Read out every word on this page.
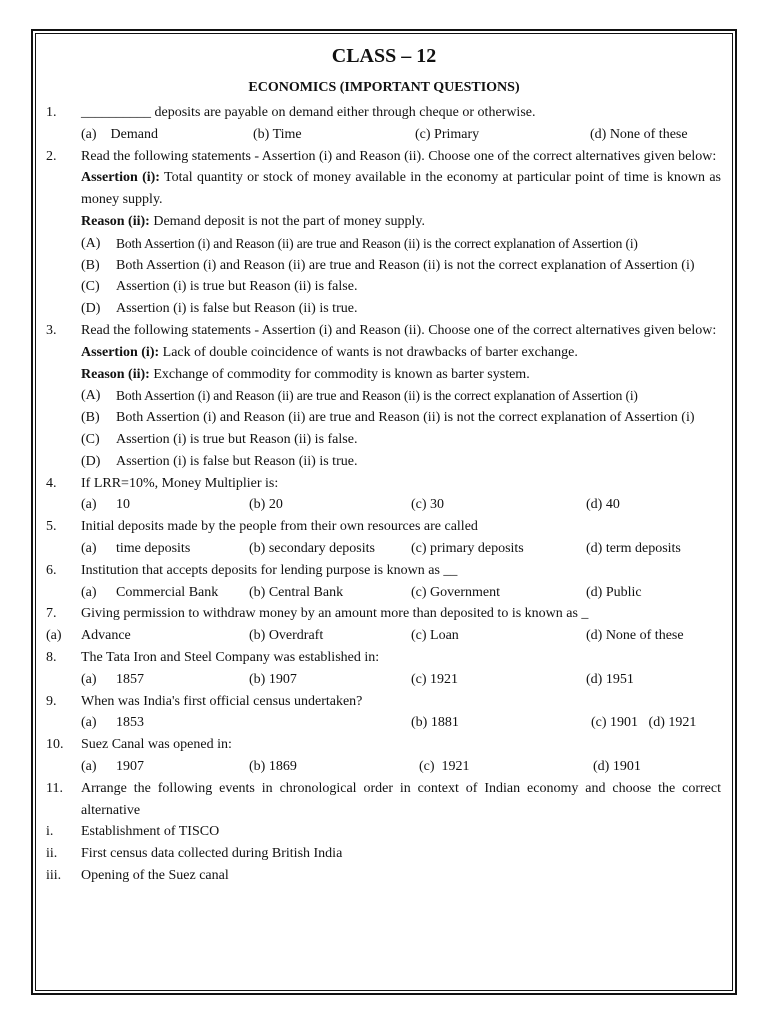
CLASS – 12
ECONOMICS (IMPORTANT QUESTIONS)
1.	__________ deposits are payable on demand either through cheque or otherwise.
(a)    Demand	(b) Time	(c) Primary	(d) None of these
2.	Read the following statements - Assertion (i) and Reason (ii). Choose one of the correct alternatives given below:
Assertion (i): Total quantity or stock of money available in the economy at particular point of time is known as money supply.
Reason (ii): Demand deposit is not the part of money supply.
(A)	Both Assertion (i) and Reason (ii) are true and Reason (ii) is the correct explanation of Assertion (i)
(B)	Both Assertion (i) and Reason (ii) are true and Reason (ii) is not the correct explanation of Assertion (i)
(C)	Assertion (i) is true but Reason (ii) is false.
(D)	Assertion (i) is false but Reason (ii) is true.
3.	Read the following statements - Assertion (i) and Reason (ii). Choose one of the correct alternatives given below:
Assertion (i): Lack of double coincidence of wants is not drawbacks of barter exchange.
Reason (ii): Exchange of commodity for commodity is known as barter system.
(A)	Both Assertion (i) and Reason (ii) are true and Reason (ii) is the correct explanation of Assertion (i)
(B)	Both Assertion (i) and Reason (ii) are true and Reason (ii) is not the correct explanation of Assertion (i)
(C)	Assertion (i) is true but Reason (ii) is false.
(D)	Assertion (i) is false but Reason (ii) is true.
4.	If LRR=10%, Money Multiplier is:
(a)	10	(b) 20	(c) 30	(d) 40
5.	Initial deposits made by the people from their own resources are called
(a)	time deposits	(b) secondary deposits	(c) primary deposits	(d) term deposits
6.	Institution that accepts deposits for lending purpose is known as __
(a)	Commercial Bank (b) Central Bank	(c) Government	(d) Public
7.	Giving permission to withdraw money by an amount more than deposited to is known as _
(a)	Advance	(b) Overdraft	(c) Loan	(d) None of these
8.	The Tata Iron and Steel Company was established in:
(a)	1857	(b) 1907	(c) 1921	(d) 1951
9.	When was India's first official census undertaken?
(a)	1853	(b) 1881	(c) 1901   (d) 1921
10.	Suez Canal was opened in:
(a)	1907	(b) 1869	(c)  1921	(d) 1901
11.	Arrange the following events in chronological order in context of Indian economy and choose the correct alternative
i.	Establishment of TISCO
ii.	First census data collected during British India
iii.	Opening of the Suez canal
